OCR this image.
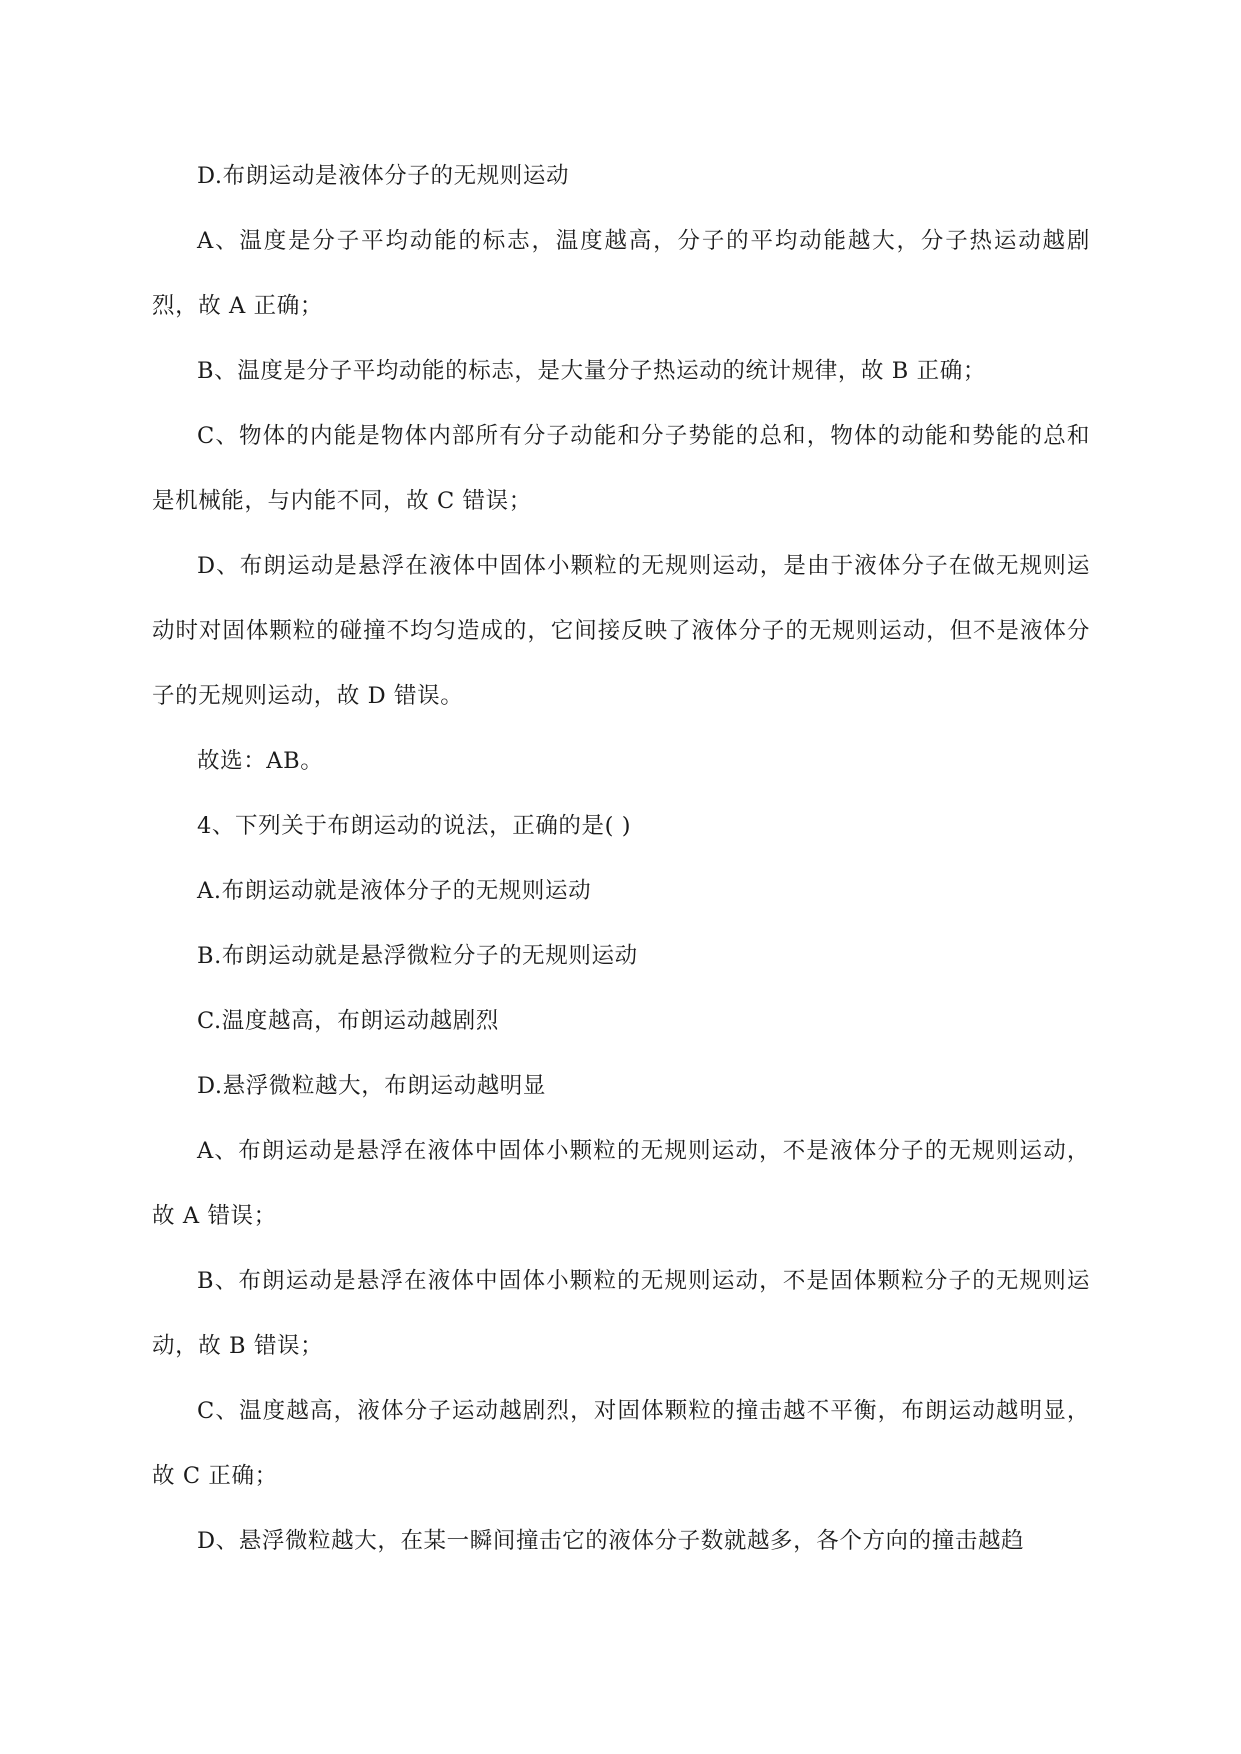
D.布朗运动是液体分子的无规则运动

A、温度是分子平均动能的标志，温度越高，分子的平均动能越大，分子热运动越剧烈，故 A 正确；

B、温度是分子平均动能的标志，是大量分子热运动的统计规律，故 B 正确；

C、物体的内能是物体内部所有分子动能和分子势能的总和，物体的动能和势能的总和是机械能，与内能不同，故 C 错误；

D、布朗运动是悬浮在液体中固体小颗粒的无规则运动，是由于液体分子在做无规则运动时对固体颗粒的碰撞不均匀造成的，它间接反映了液体分子的无规则运动，但不是液体分子的无规则运动，故 D 错误。

故选：AB。

4、下列关于布朗运动的说法，正确的是( )

A.布朗运动就是液体分子的无规则运动

B.布朗运动就是悬浮微粒分子的无规则运动

C.温度越高，布朗运动越剧烈

D.悬浮微粒越大，布朗运动越明显

A、布朗运动是悬浮在液体中固体小颗粒的无规则运动，不是液体分子的无规则运动，故 A 错误；

B、布朗运动是悬浮在液体中固体小颗粒的无规则运动，不是固体颗粒分子的无规则运动，故 B 错误；

C、温度越高，液体分子运动越剧烈，对固体颗粒的撞击越不平衡，布朗运动越明显，故 C 正确；

D、悬浮微粒越大，在某一瞬间撞击它的液体分子数就越多，各个方向的撞击越趋
